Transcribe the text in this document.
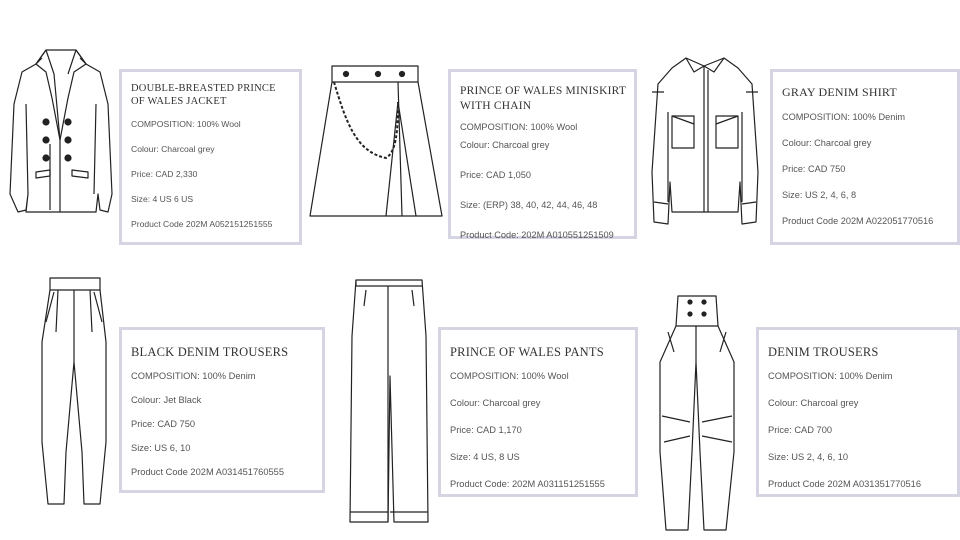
DOUBLE-BREASTED PRINCE OF WALES JACKET
COMPOSITION: 100% Wool
Colour: Charcoal grey
Price: CAD 2,330
Size: 4 US 6 US
Product Code 202M A052151251555
PRINCE OF WALES MINISKIRT WITH CHAIN
COMPOSITION: 100% Wool
Colour: Charcoal grey
Price: CAD 1,050
Size: (ERP) 38, 40, 42, 44, 46, 48
Product Code: 202M A010551251509
GRAY DENIM SHIRT
COMPOSITION: 100% Denim
Colour: Charcoal grey
Price: CAD 750
Size: US 2, 4, 6, 8
Product Code 202M A022051770516
BLACK DENIM TROUSERS
COMPOSITION: 100% Denim
Colour: Jet Black
Price: CAD 750
Size: US 6, 10
Product Code 202M A031451760555
PRINCE OF WALES PANTS
COMPOSITION: 100% Wool
Colour: Charcoal grey
Price: CAD 1,170
Size: 4 US, 8 US
Product Code: 202M A031151251555
DENIM TROUSERS
COMPOSITION: 100% Denim
Colour: Charcoal grey
Price: CAD 700
Size: US 2, 4, 6, 10
Product Code 202M A031351770516
